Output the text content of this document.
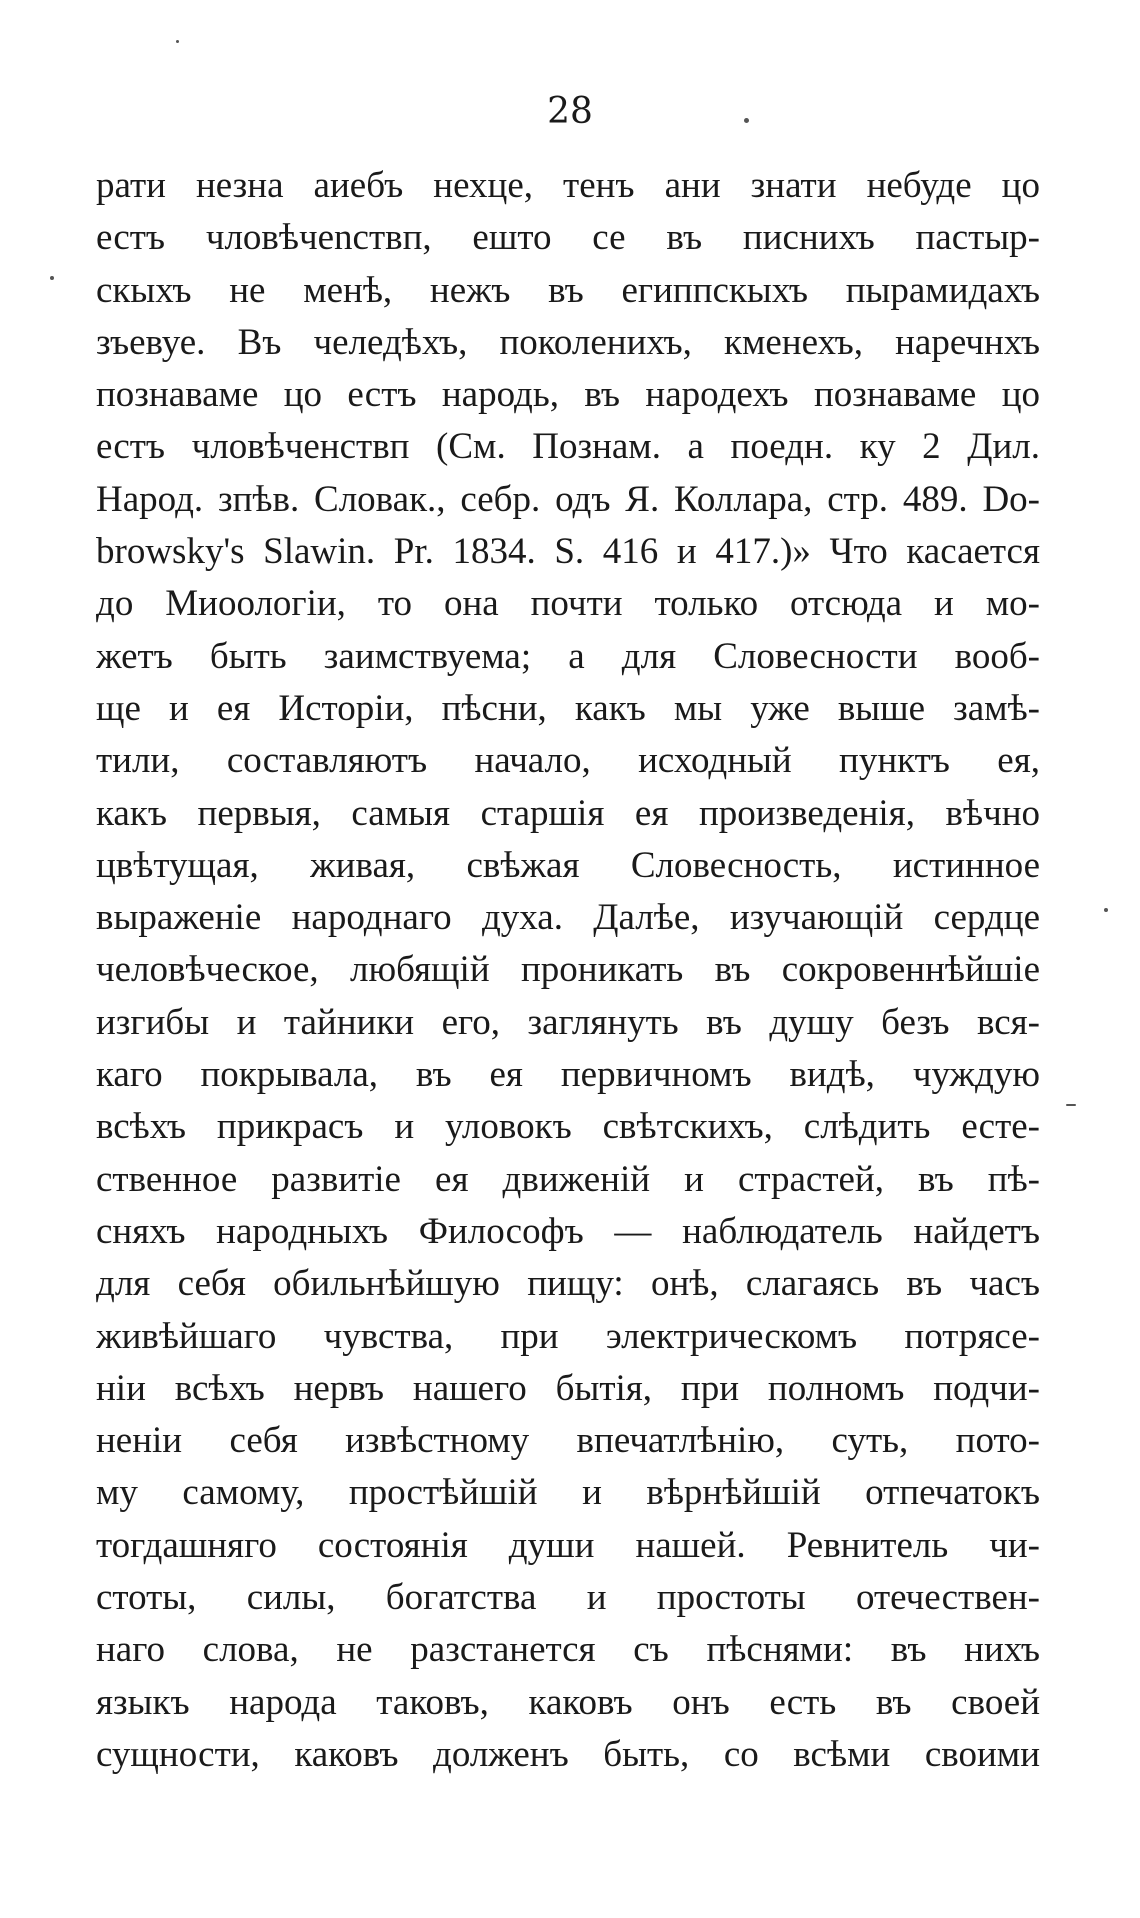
28
рати незна аиебъ нехце, тенъ ани знати небуде цо
естъ чловѣчenствп, ешто се въ писнихъ пастыр-
скыхъ не менѣ, нежъ въ египпскыхъ пырамидахъ
зъевуе. Въ челедѣхъ, поколенихъ, кменехъ, наречнхъ
познаваме цо естъ народь, въ народехъ познаваме цо
естъ чловѣченствп (См. Познам. а поедн. ку 2 Дил.
Народ. зпѣв. Словак., себр. одъ Я. Коллара, стр. 489. Do-
browsky's Slawin. Pr. 1834. S. 416 и 417.)» Что касается
до Миоологіи, то она почти только отсюда и мо-
жетъ быть заимствуема; а для Словесности вооб-
ще и ея Исторіи, пѣсни, какъ мы уже выше замѣ-
тили, составляютъ начало, исходный пунктъ ея,
какъ первыя, самыя старшія ея произведенія, вѣчно
цвѣтущая, живая, свѣжая Словесность, истинное
выраженіе народнаго духа. Далѣе, изучающій сердце
человѣческое, любящій проникать въ сокровеннѣйшіе
изгибы и тайники его, заглянуть въ душу безъ вся-
каго покрывала, въ ея первичномъ видѣ, чуждую
всѣхъ прикрасъ и уловокъ свѣтскихъ, слѣдить есте-
ственное развитіе ея движеній и страстей, въ пѣ-
сняхъ народныхъ Философъ — наблюдатель найдетъ
для себя обильнѣйшую пищу: онѣ, слагаясь въ часъ
живѣйшаго чувства, при электрическомъ потрясе-
ніи всѣхъ нервъ нашего бытія, при полномъ подчи-
неніи себя извѣстному впечатлѣнію, суть, пото-
му самому, простѣйшій и вѣрнѣйшій отпечатокъ
тогдашняго состоянія души нашей. Ревнитель чи-
стоты, силы, богатства и простоты отечествен-
наго слова, не разстанется съ пѣснями: въ нихъ
языкъ народа таковъ, каковъ онъ есть въ своей
сущности, каковъ долженъ быть, со всѣми своими
